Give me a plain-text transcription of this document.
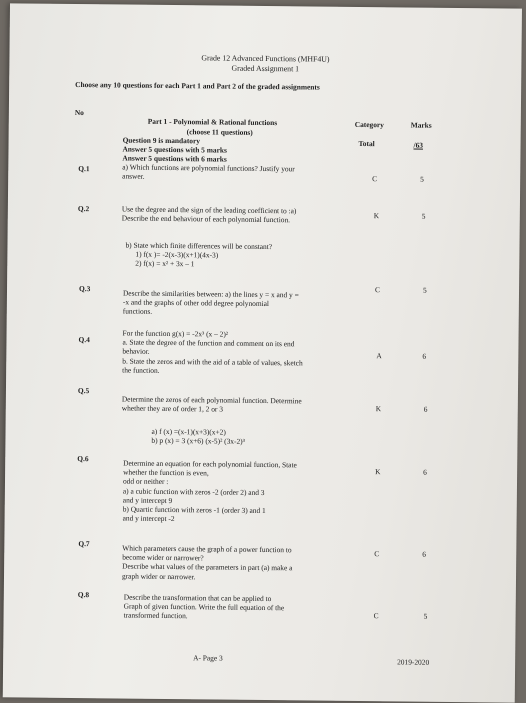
Grade 12 Advanced Functions (MHF4U)
Graded Assignment 1
Choose any 10 questions for each Part 1 and Part 2 of the graded assignments
No
Part 1 - Polynomial & Rational functions
(choose 11 questions)
Question 9 is mandatory
Answer 5 questions with 5 marks
Answer 5 questions with 6 marks
Category	Marks
Total	/63
Q.1	a) Which functions are polynomial functions? Justify your
answer.	C	5
Q.2	Use the degree and the sign of the leading coefficient to :a)
Describe the end behaviour of each polynomial function.
b) State which finite differences will be constant?
1) f(x )= -2(x-3)(x+1)(4x-3)
2) f(x) = x² + 3x – 1
K	5
Q.3	Describe the similarities between: a) the lines y = x and y =
-x and the graphs of other odd degree polynomial
functions.
C	5
Q.4
For the function g(x) = -2x³ (x – 2)²
a. State the degree of the function and comment on its end
behavior.
b. State the zeros and with the aid of a table of values, sketch
the function.
A	6
Q.5
Determine the zeros of each polynomial function. Determine
whether they are of order 1, 2 or 3
a) f (x) =(x-1)(x+3)(x+2)
b) p (x) = 3 (x+6) (x-5)² (3x-2)³
K	6
Q.6	Determine an equation for each polynomial function, State
whether the function is even,
odd or neither :
a) a cubic function with zeros -2 (order 2) and 3
and y intercept 9
b) Quartic function with zeros -1 (order 3) and 1
and y intercept -2
K	6
Q.7	Which parameters cause the graph of a power function to
become wider or narrower?
Describe what values of the parameters in part (a) make a
graph wider or narrower.
C	6
Q.8	Describe the transformation that can be applied to
Graph of given function. Write the full equation of the
transformed function.	C	5
A- Page 3	2019-2020
